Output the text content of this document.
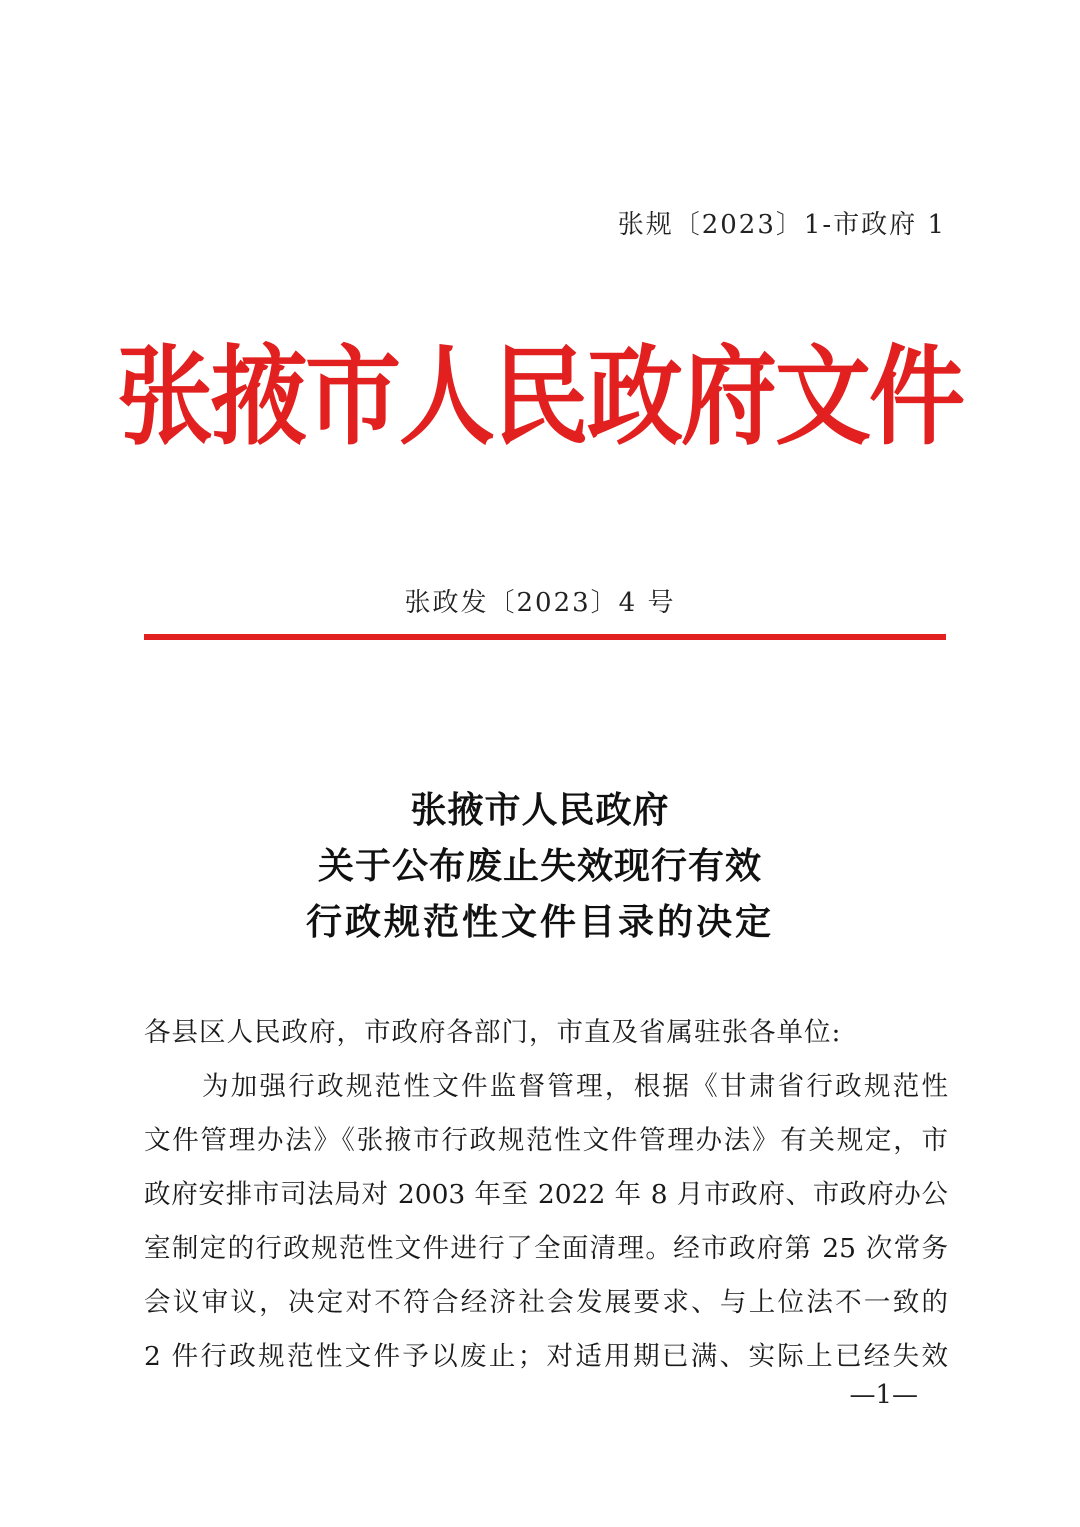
张规〔2023〕1-市政府 1
张掖市人民政府文件
张政发〔2023〕4 号
张掖市人民政府
关于公布废止失效现行有效
行政规范性文件目录的决定
各县区人民政府，市政府各部门，市直及省属驻张各单位:
为加强行政规范性文件监督管理，根据《甘肃省行政规范性
文件管理办法》《张掖市行政规范性文件管理办法》有关规定，市
政府安排市司法局对 2003 年至 2022 年 8 月市政府、市政府办公
室制定的行政规范性文件进行了全面清理。经市政府第 25 次常务
会议审议，决定对不符合经济社会发展要求、与上位法不一致的
2 件行政规范性文件予以废止；对适用期已满、实际上已经失效
—1—
